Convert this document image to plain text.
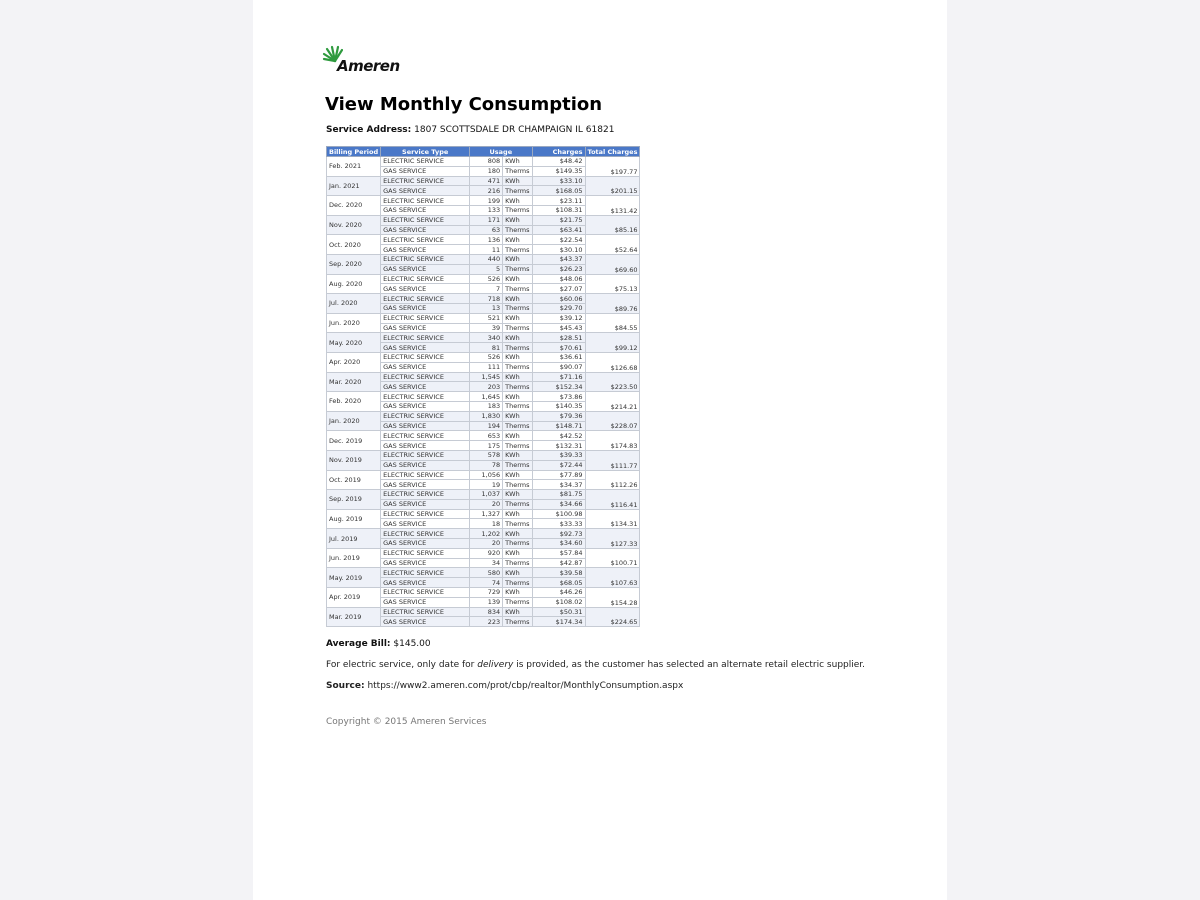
Ameren
View Monthly Consumption
Service Address: 1807 SCOTTSDALE DR CHAMPAIGN IL 61821
Billing Period	Service Type	Usage		Charges	Total Charges
Feb. 2021	ELECTRIC SERVICE	808	KWh	$48.42	$197.77
	GAS SERVICE	180	Therms	$149.35	
Jan. 2021	ELECTRIC SERVICE	471	KWh	$33.10	$201.15
	GAS SERVICE	216	Therms	$168.05	
Dec. 2020	ELECTRIC SERVICE	199	KWh	$23.11	$131.42
	GAS SERVICE	133	Therms	$108.31	
Nov. 2020	ELECTRIC SERVICE	171	KWh	$21.75	$85.16
	GAS SERVICE	63	Therms	$63.41	
Oct. 2020	ELECTRIC SERVICE	136	KWh	$22.54	$52.64
	GAS SERVICE	11	Therms	$30.10	
Sep. 2020	ELECTRIC SERVICE	440	KWh	$43.37	$69.60
	GAS SERVICE	5	Therms	$26.23	
Aug. 2020	ELECTRIC SERVICE	526	KWh	$48.06	$75.13
	GAS SERVICE	7	Therms	$27.07	
Jul. 2020	ELECTRIC SERVICE	718	KWh	$60.06	$89.76
	GAS SERVICE	13	Therms	$29.70	
Jun. 2020	ELECTRIC SERVICE	521	KWh	$39.12	$84.55
	GAS SERVICE	39	Therms	$45.43	
May. 2020	ELECTRIC SERVICE	340	KWh	$28.51	$99.12
	GAS SERVICE	81	Therms	$70.61	
Apr. 2020	ELECTRIC SERVICE	526	KWh	$36.61	$126.68
	GAS SERVICE	111	Therms	$90.07	
Mar. 2020	ELECTRIC SERVICE	1,545	KWh	$71.16	$223.50
	GAS SERVICE	203	Therms	$152.34	
Feb. 2020	ELECTRIC SERVICE	1,645	KWh	$73.86	$214.21
	GAS SERVICE	183	Therms	$140.35	
Jan. 2020	ELECTRIC SERVICE	1,830	KWh	$79.36	$228.07
	GAS SERVICE	194	Therms	$148.71	
Dec. 2019	ELECTRIC SERVICE	653	KWh	$42.52	$174.83
	GAS SERVICE	175	Therms	$132.31	
Nov. 2019	ELECTRIC SERVICE	578	KWh	$39.33	$111.77
	GAS SERVICE	78	Therms	$72.44	
Oct. 2019	ELECTRIC SERVICE	1,056	KWh	$77.89	$112.26
	GAS SERVICE	19	Therms	$34.37	
Sep. 2019	ELECTRIC SERVICE	1,037	KWh	$81.75	$116.41
	GAS SERVICE	20	Therms	$34.66	
Aug. 2019	ELECTRIC SERVICE	1,327	KWh	$100.98	$134.31
	GAS SERVICE	18	Therms	$33.33	
Jul. 2019	ELECTRIC SERVICE	1,202	KWh	$92.73	$127.33
	GAS SERVICE	20	Therms	$34.60	
Jun. 2019	ELECTRIC SERVICE	920	KWh	$57.84	$100.71
	GAS SERVICE	34	Therms	$42.87	
May. 2019	ELECTRIC SERVICE	580	KWh	$39.58	$107.63
	GAS SERVICE	74	Therms	$68.05	
Apr. 2019	ELECTRIC SERVICE	729	KWh	$46.26	$154.28
	GAS SERVICE	139	Therms	$108.02	
Mar. 2019	ELECTRIC SERVICE	834	KWh	$50.31	$224.65
	GAS SERVICE	223	Therms	$174.34	
Average Bill: $145.00
For electric service, only date for delivery is provided, as the customer has selected an alternate retail electric supplier.
Source: https://www2.ameren.com/prot/cbp/realtor/MonthlyConsumption.aspx
Copyright © 2015 Ameren Services
